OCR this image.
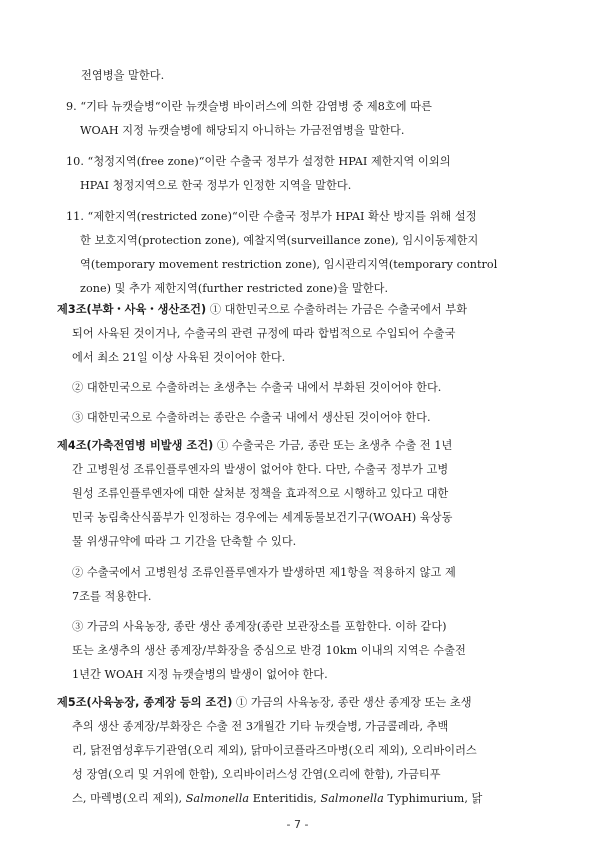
전염병을 말한다.
9. “기타 뉴캣슬병“이란 뉴캣슬병 바이러스에 의한 감염병 중 제8호에 따른
WOAH 지정 뉴캣슬병에 해당되지 아니하는 가금전염병을 말한다.
10. “청정지역(free zone)“이란 수출국 정부가 설정한 HPAI 제한지역 이외의
HPAI 청정지역으로 한국 정부가 인정한 지역을 말한다.
11. “제한지역(restricted zone)“이란 수출국 정부가 HPAI 확산 방지를 위해 설정
한 보호지역(protection zone), 예찰지역(surveillance zone), 임시이동제한지
역(temporary movement restriction zone), 임시관리지역(temporary control
zone) 및 추가 제한지역(further restricted zone)을 말한다.
제3조(부화・사육・생산조건) ① 대한민국으로 수출하려는 가금은 수출국에서 부화
되어 사육된 것이거나, 수출국의 관련 규정에 따라 합법적으로 수입되어 수출국
에서 최소 21일 이상 사육된 것이어야 한다.
② 대한민국으로 수출하려는 초생추는 수출국 내에서 부화된 것이어야 한다.
③ 대한민국으로 수출하려는 종란은 수출국 내에서 생산된 것이어야 한다.
제4조(가축전염병 비발생 조건) ① 수출국은 가금, 종란 또는 초생추 수출 전 1년
간 고병원성 조류인플루엔자의 발생이 없어야 한다. 다만, 수출국 정부가 고병
원성 조류인플루엔자에 대한 살처분 정책을 효과적으로 시행하고 있다고 대한
민국 농림축산식품부가 인정하는 경우에는 세계동물보건기구(WOAH) 육상동
물 위생규약에 따라 그 기간을 단축할 수 있다.
② 수출국에서 고병원성 조류인플루엔자가 발생하면 제1항을 적용하지 않고 제
7조를 적용한다.
③ 가금의 사육농장, 종란 생산 종계장(종란 보관장소를 포함한다. 이하 같다)
또는 초생추의 생산 종계장/부화장을 중심으로 반경 10km 이내의 지역은 수출전
1년간 WOAH 지정 뉴캣슬병의 발생이 없어야 한다.
제5조(사육농장, 종계장 등의 조건) ① 가금의 사육농장, 종란 생산 종계장 또는 초생
추의 생산 종계장/부화장은 수출 전 3개월간 기타 뉴캣슬병, 가금콜레라, 추백
리, 닭전염성후두기관염(오리 제외), 닭마이코플라즈마병(오리 제외), 오리바이러스
성 장염(오리 및 거위에 한함), 오리바이러스성 간염(오리에 한함), 가금티푸
스, 마렉병(오리 제외), Salmonella Enteritidis, Salmonella Typhimurium, 닭
- 7 -
